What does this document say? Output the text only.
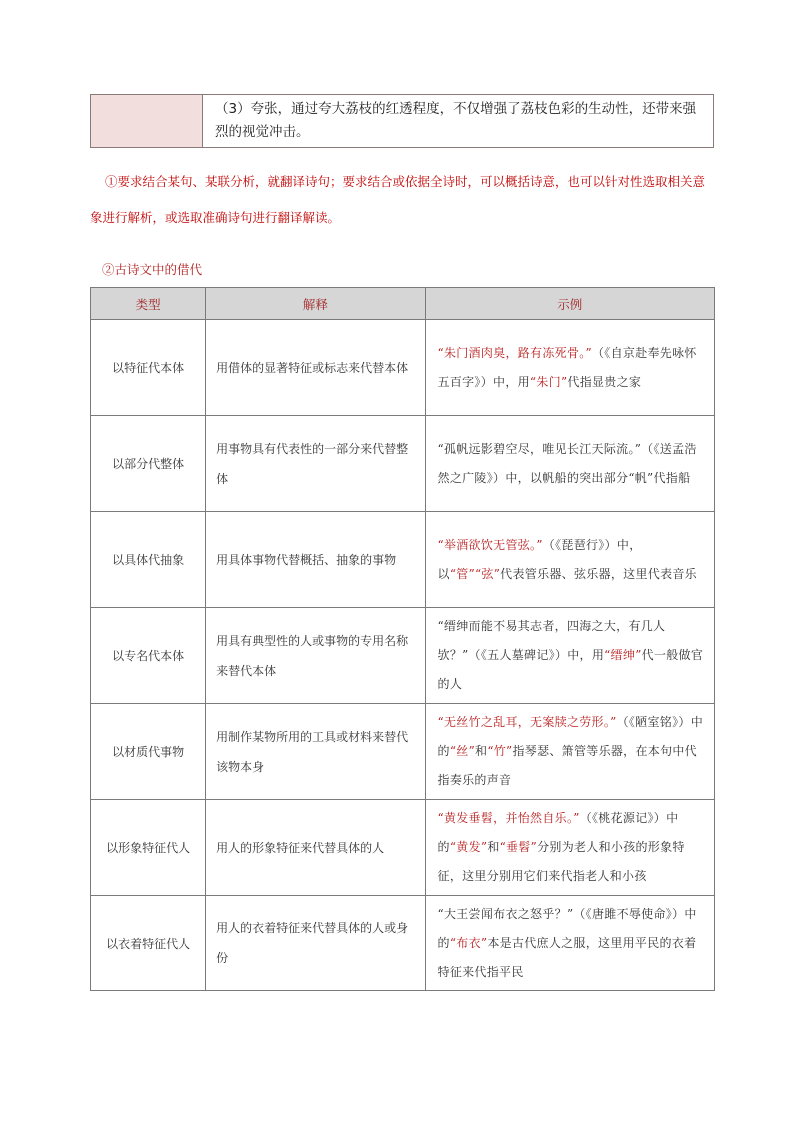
	（3）夸张，通过夸大荔枝的红透程度，不仅增强了荔枝色彩的生动性，还带来强烈的视觉冲击。

①要求结合某句、某联分析，就翻译诗句；要求结合或依据全诗时，可以概括诗意，也可以针对性选取相关意象进行解析，或选取准确诗句进行翻译解读。

②古诗文中的借代

类型	解释	示例
以特征代本体	用借体的显著特征或标志来代替本体	“朱门酒肉臭，路有冻死骨。”（《自京赴奉先咏怀五百字》）中，用“朱门”代指显贵之家
以部分代整体	用事物具有代表性的一部分来代替整体	“孤帆远影碧空尽，唯见长江天际流。”（《送孟浩然之广陵》）中，以帆船的突出部分“帆”代指船
以具体代抽象	用具体事物代替概括、抽象的事物	“举酒欲饮无管弦。”（《琵琶行》）中，以“管”“弦”代表管乐器、弦乐器，这里代表音乐
以专名代本体	用具有典型性的人或事物的专用名称来替代本体	“缙绅而能不易其志者，四海之大，有几人欤？”（《五人墓碑记》）中，用“缙绅”代一般做官的人
以材质代事物	用制作某物所用的工具或材料来替代该物本身	“无丝竹之乱耳，无案牍之劳形。”（《陋室铭》）中的“丝”和“竹”指琴瑟、箫管等乐器，在本句中代指奏乐的声音
以形象特征代人	用人的形象特征来代替具体的人	“黄发垂髫，并怡然自乐。”（《桃花源记》）中的“黄发”和“垂髫”分别为老人和小孩的形象特征，这里分别用它们来代指老人和小孩
以衣着特征代人	用人的衣着特征来代替具体的人或身份	“大王尝闻布衣之怒乎？”（《唐雎不辱使命》）中的“布衣”本是古代庶人之服，这里用平民的衣着特征来代指平民
